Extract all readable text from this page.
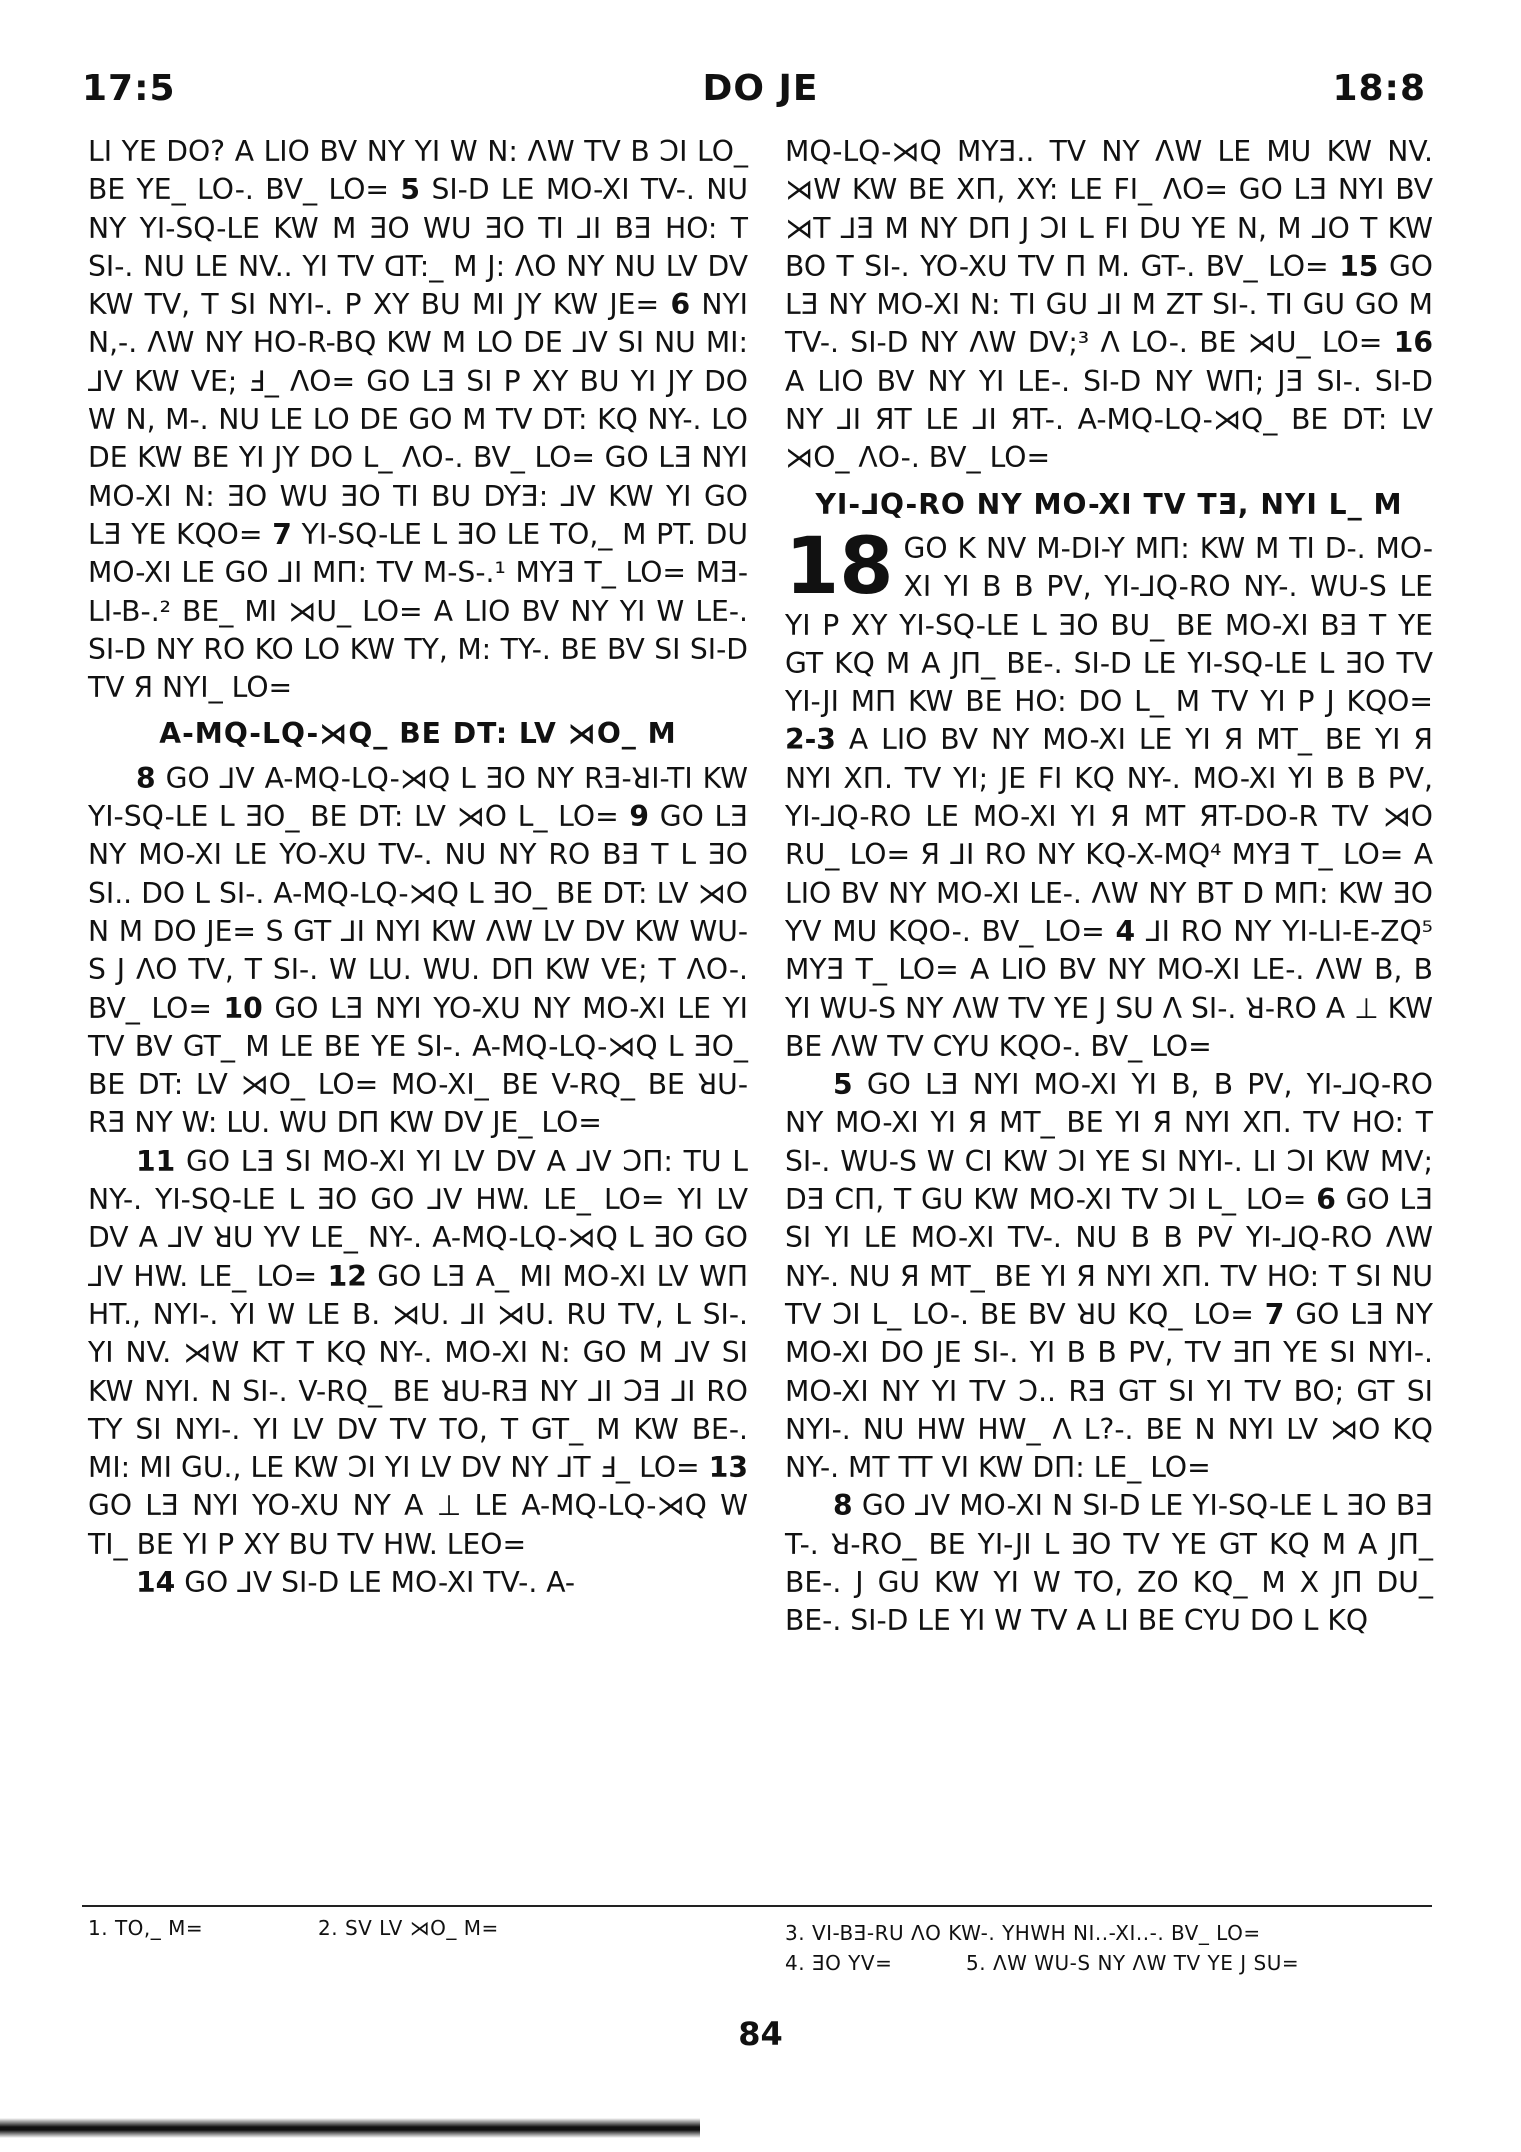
17:5	DO JE	18:8

LI YE DO? A LIO BV NY YI W N: ΛW TV B ƆI LO_ BE YE_ LO-. BV_ LO= 5 SI-D LE MO-XI TV-. NU NY YI-SQ-LE KW M ƎO WU ƎO TI ⅃I BƎ HO: T SI-. NU LE NV.. YI TV ꓷT:_ M J: ΛO NY NU LV DV KW TV, T SI NYI-. P XY BU MI JY KW JE= 6 NYI N,-. ΛW NY HO-R-BQ KW M LO DE ⅃V SI NU MI: ⅃V KW VE; Ⅎ_ ΛO= GO LƎ SI P XY BU YI JY DO W N, M-. NU LE LO DE GO M TV DT: KQ NY-. LO DE KW BE YI JY DO L_ ΛO-. BV_ LO= GO LƎ NYI MO-XI N: ƎO WU ƎO TI BU DYƎ: ⅃V KW YI GO LƎ YE KQO= 7 YI-SQ-LE L ƎO LE TO,_ M PT. DU MO-XI LE GO ⅃I MΠ: TV M-S-.¹ MYƎ T_ LO= MƎ-LI-B-.² BE_ MI ⋊U_ LO= A LIO BV NY YI W LE-. SI-D NY RO KO LO KW TY, M: TY-. BE BV SI SI-D TV Я NYI_ LO=

A-MQ-LQ-⋊Q_ BE DT: LV ⋊O_ M

8 GO ⅃V A-MQ-LQ-⋊Q L ƎO NY RƎ-ꓤI-TI KW YI-SQ-LE L ƎO_ BE DT: LV ⋊O L_ LO= 9 GO LƎ NY MO-XI LE YO-XU TV-. NU NY RO BƎ T L ƎO SI.. DO L SI-. A-MQ-LQ-⋊Q L ƎO_ BE DT: LV ⋊O N M DO JE= S GT ⅃I NYI KW ΛW LV DV KW WU-S J ΛO TV, T SI-. W LU. WU. DΠ KW VE; T ΛO-. BV_ LO= 10 GO LƎ NYI YO-XU NY MO-XI LE YI TV BV GT_ M LE BE YE SI-. A-MQ-LQ-⋊Q L ƎO_ BE DT: LV ⋊O_ LO= MO-XI_ BE V-RQ_ BE ꓤU-RƎ NY W: LU. WU DΠ KW DV JE_ LO=

11 GO LƎ SI MO-XI YI LV DV A ⅃V ƆΠ: TU L NY-. YI-SQ-LE L ƎO GO ⅃V HW. LE_ LO= YI LV DV A ⅃V ꓤU YV LE_ NY-. A-MQ-LQ-⋊Q L ƎO GO ⅃V HW. LE_ LO= 12 GO LƎ A_ MI MO-XI LV WΠ HT., NYI-. YI W LE B. ⋊U. ⅃I ⋊U. RU TV, L SI-. YI NV. ⋊W KT T KQ NY-. MO-XI N: GO M ⅃V SI KW NYI. N SI-. V-RQ_ BE ꓤU-RƎ NY ⅃I ƆƎ ⅃I RO TY SI NYI-. YI LV DV TV TO, T GT_ M KW BE-. MI: MI GU., LE KW ƆI YI LV DV NY ⅃T Ⅎ_ LO= 13 GO LƎ NYI YO-XU NY A ⊥ LE A-MQ-LQ-⋊Q W TI_ BE YI P XY BU TV HW. LEO=

14 GO ⅃V SI-D LE MO-XI TV-. A-

MQ-LQ-⋊Q MYƎ.. TV NY ΛW LE MU KW NV. ⋊W KW BE XΠ, XY: LE FI_ ΛO= GO LƎ NYI BV ⋊T ⅃Ǝ M NY DΠ J ƆI L FI DU YE N, M ⅃O T KW BO T SI-. YO-XU TV Π M. GT-. BV_ LO= 15 GO LƎ NY MO-XI N: TI GU ⅃I M ZT SI-. TI GU GO M TV-. SI-D NY ΛW DV;³ Λ LO-. BE ⋊U_ LO= 16 A LIO BV NY YI LE-. SI-D NY WΠ; JƎ SI-. SI-D NY ⅃I ЯT LE ⅃I ЯT-. A-MQ-LQ-⋊Q_ BE DT: LV ⋊O_ ΛO-. BV_ LO=

YI-⅃Q-RO NY MO-XI TV TƎ, NYI L_ M

18 GO K NV M-DI-Y MΠ: KW M TI D-. MO-XI YI B B PV, YI-⅃Q-RO NY-. WU-S LE YI P XY YI-SQ-LE L ƎO BU_ BE MO-XI BƎ T YE GT KQ M A JΠ_ BE-. SI-D LE YI-SQ-LE L ƎO TV YI-JI MΠ KW BE HO: DO L_ M TV YI P J KQO= 2-3 A LIO BV NY MO-XI LE YI Я MT_ BE YI Я NYI XΠ. TV YI; JE FI KQ NY-. MO-XI YI B B PV, YI-⅃Q-RO LE MO-XI YI Я MT ЯT-DO-R TV ⋊O RU_ LO= Я ⅃I RO NY KQ-X-MQ⁴ MYƎ T_ LO= A LIO BV NY MO-XI LE-. ΛW NY BT D MΠ: KW ƎO YV MU KQO-. BV_ LO= 4 ⅃I RO NY YI-LI-E-ZQ⁵ MYƎ T_ LO= A LIO BV NY MO-XI LE-. ΛW B, B YI WU-S NY ΛW TV YE J SU Λ SI-. ꓤ-RO A ⊥ KW BE ΛW TV CYU KQO-. BV_ LO=

5 GO LƎ NYI MO-XI YI B, B PV, YI-⅃Q-RO NY MO-XI YI Я MT_ BE YI Я NYI XΠ. TV HO: T SI-. WU-S W CI KW ƆI YE SI NYI-. LI ƆI KW MV; DƎ CΠ, T GU KW MO-XI TV ƆI L_ LO= 6 GO LƎ SI YI LE MO-XI TV-. NU B B PV YI-⅃Q-RO ΛW NY-. NU Я MT_ BE YI Я NYI XΠ. TV HO: T SI NU TV ƆI L_ LO-. BE BV ꓤU KQ_ LO= 7 GO LƎ NY MO-XI DO JE SI-. YI B B PV, TV ƎΠ YE SI NYI-. MO-XI NY YI TV Ɔ.. RƎ GT SI YI TV BO; GT SI NYI-. NU HW HW_ Λ L?-. BE N NYI LV ⋊O KQ NY-. MT TT VI KW DΠ: LE_ LO=

8 GO ⅃V MO-XI N SI-D LE YI-SQ-LE L ƎO BƎ T-. ꓤ-RO_ BE YI-JI L ƎO TV YE GT KQ M A JΠ_ BE-. J GU KW YI W TO, ZO KQ_ M X JΠ DU_ BE-. SI-D LE YI W TV A LI BE CYU DO L KQ

1. TO,_ M=	2. SV LV ⋊O_ M=	3. VI-BƎ-RU ΛO KW-. YHWH NI..-XI..-. BV_ LO=
4. ƎO YV=	5. ΛW WU-S NY ΛW TV YE J SU=
84
